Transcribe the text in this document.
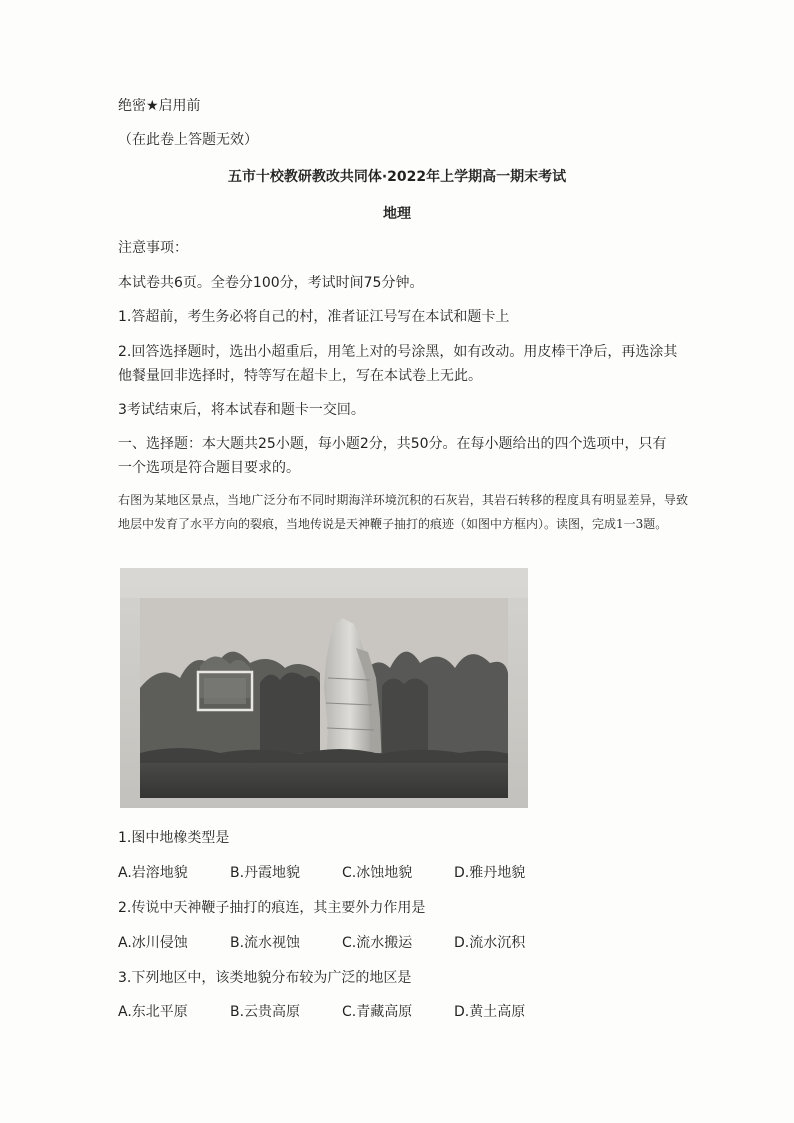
绝密★启用前
（在此卷上答题无效）
五市十校教研教改共同体·2022年上学期高一期末考试
地理
注意事项：
本试卷共6页。全卷分100分，考试时间75分钟。
1.答超前，考生务必将自己的村，准者证江号写在本试和题卡上
2.回答选择题时，选出小超重后，用笔上对的号涂黑，如有改动。用皮棒干净后，再选涂其
他餐量回非选择时，特等写在超卡上，写在本试卷上无此。
3考试结束后，将本试春和题卡一交回。
一、选择题：本大题共25小题，每小题2分，共50分。在每小题给出的四个选项中，只有
一个选项是符合题目要求的。
右图为某地区景点，当地广泛分布不同时期海洋环境沉积的石灰岩，其岩石转移的程度具有明显差异，导致地层中发育了水平方向的裂痕，当地传说是天神鞭子抽打的痕迹（如图中方框内）。读图，完成1一3题。
1.图中地橡类型是
A.岩溶地貌	B.丹霞地貌	C.冰蚀地貌	D.雅丹地貌
2.传说中天神鞭子抽打的痕连，其主要外力作用是
A.冰川侵蚀	B.流水视蚀	C.流水搬运	D.流水沉积
3.下列地区中，该类地貌分布较为广泛的地区是
A.东北平原	B.云贵高原	C.青藏高原	D.黄土高原
